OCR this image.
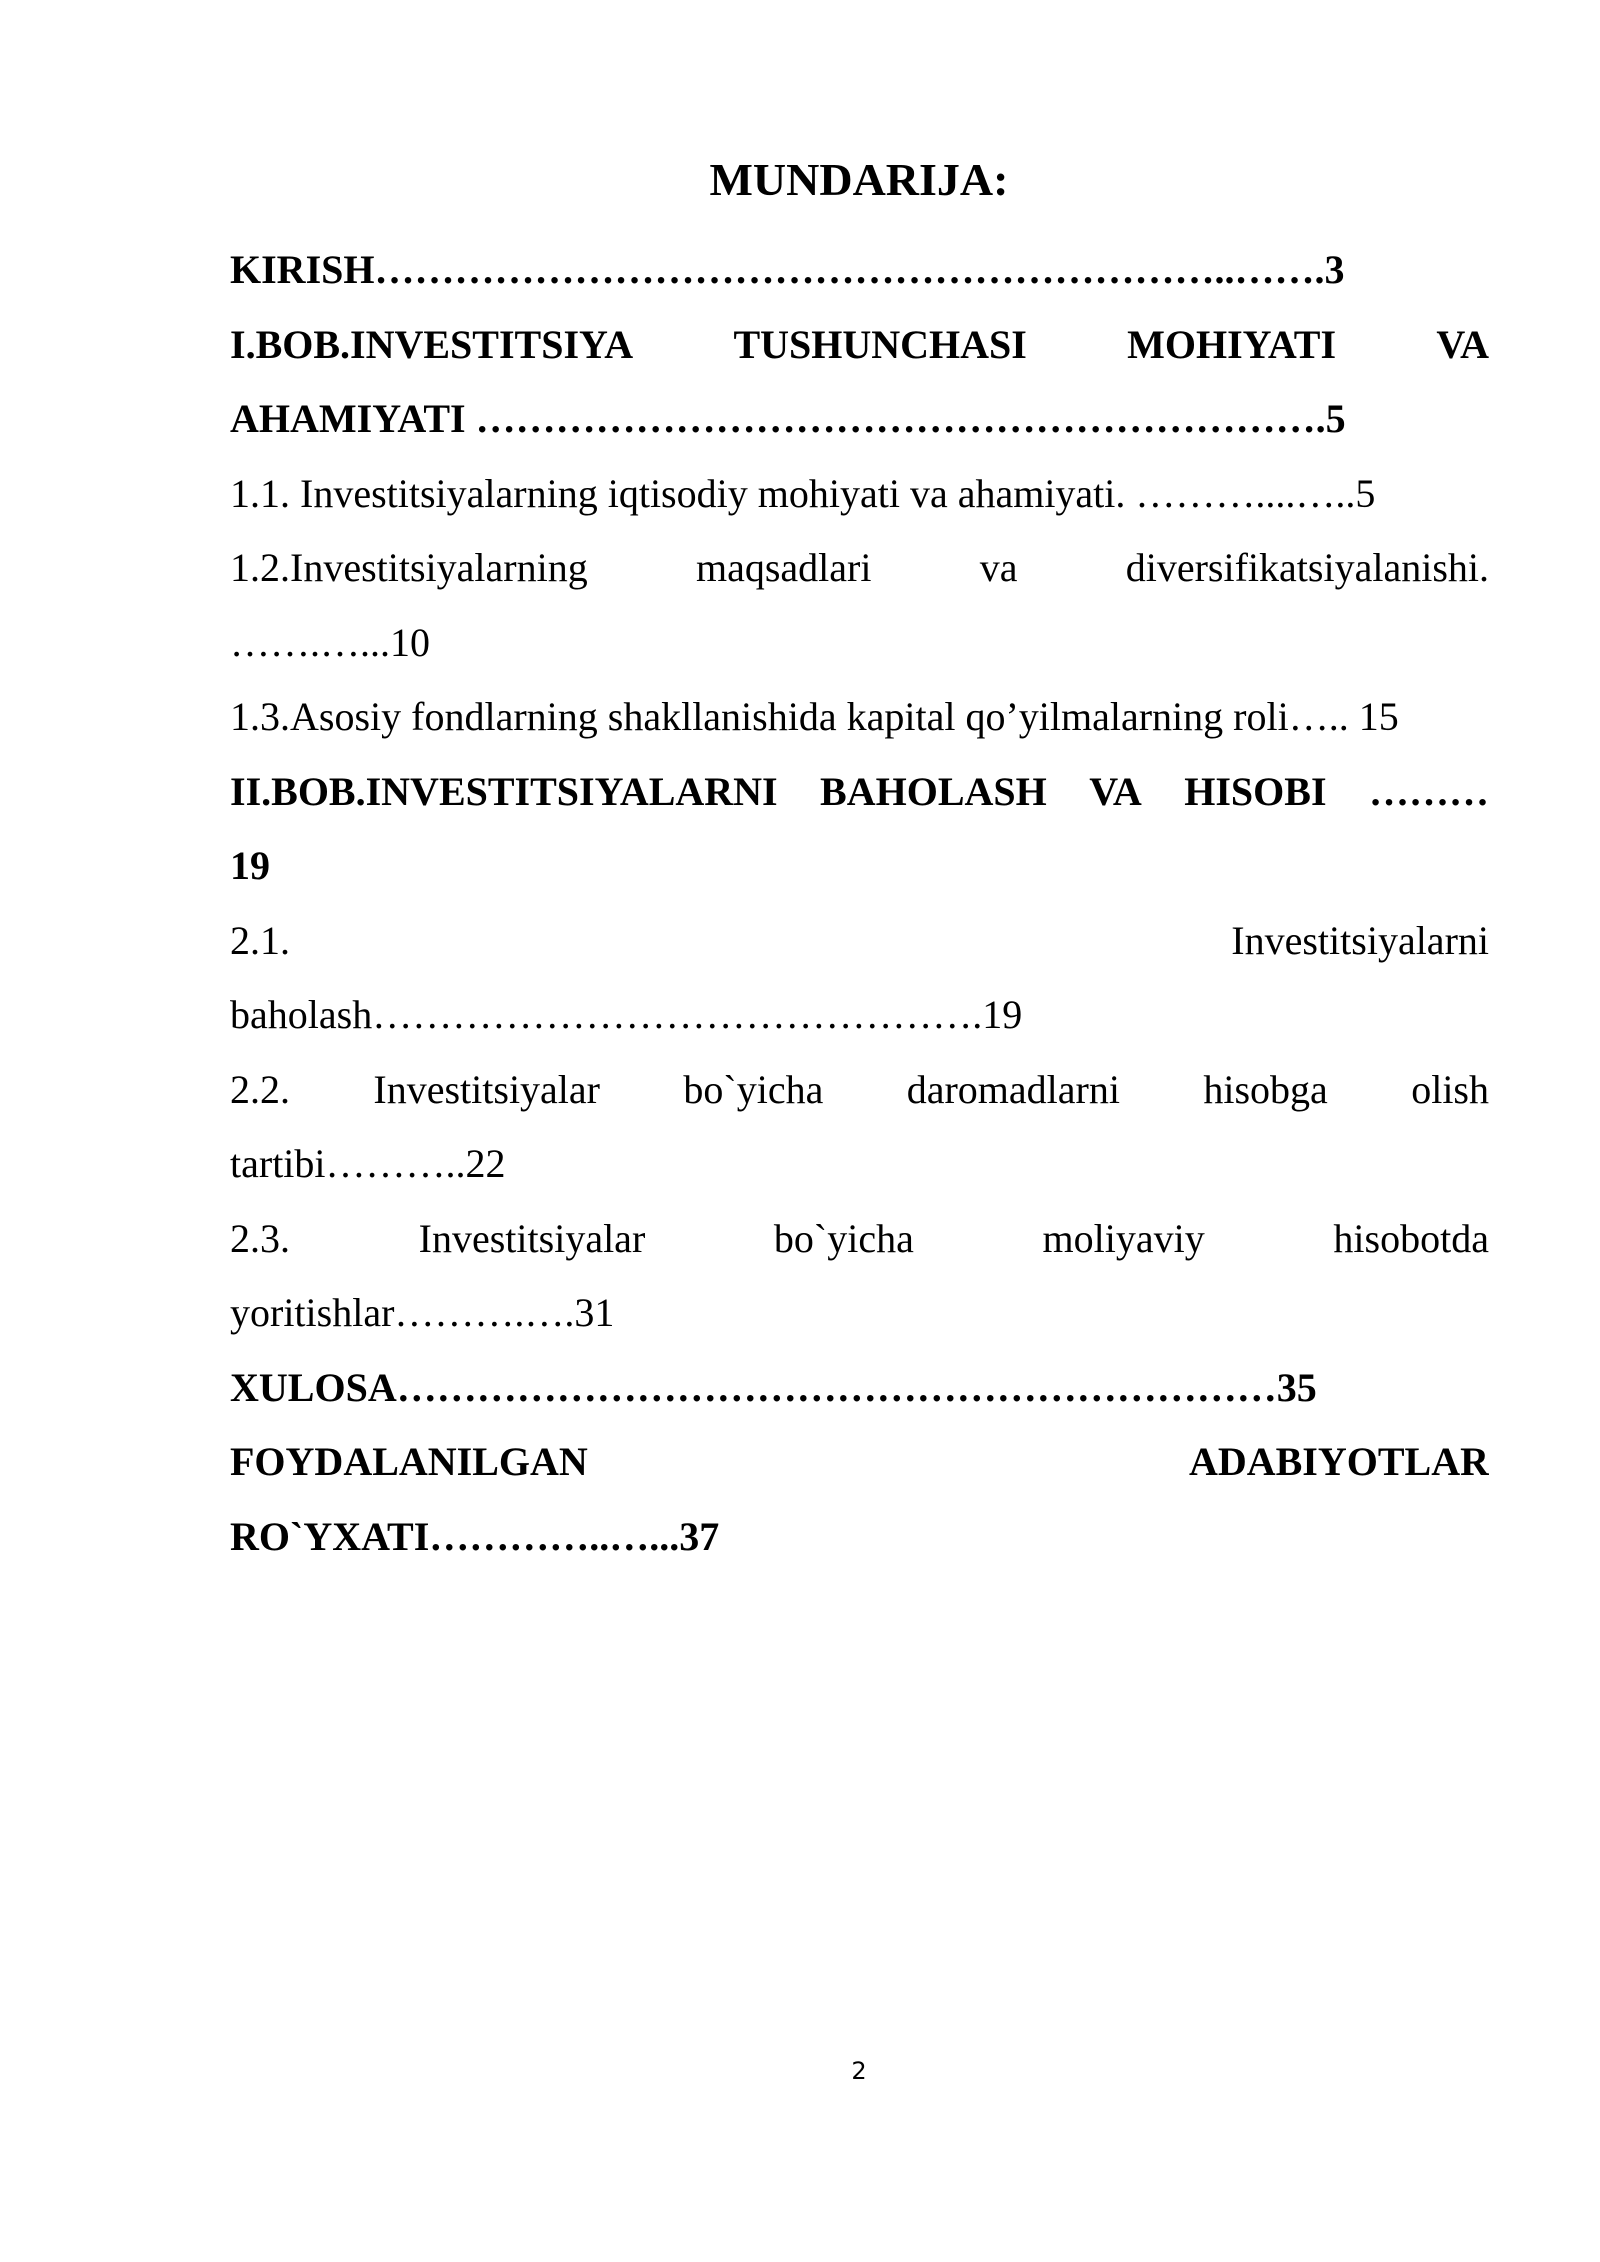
MUNDARIJA:
KIRISH………………………………………………………..…….3
I.BOB.INVESTITSIYA	TUSHUNCHASI	MOHIYATI	VA
AHAMIYATI ……………………………………………………….5
1.1. Investitsiyalarning iqtisodiy mohiyati va ahamiyati. ………....…..5
1.2.Investitsiyalarning	maqsadlari	va	diversifikatsiyalanishi.
…….…...10
1.3.Asosiy fondlarning shakllanishida kapital qo’yilmalarning roli….. 15
II.BOB.INVESTITSIYALARNI BAHOLASH VA HISOBI ………
19
2.1.	Investitsiyalarni
baholash……………………………………….19
2.2. Investitsiyalar bo`yicha daromadlarni hisobga olish
tartibi………..22
2.3.	Investitsiyalar	bo`yicha	moliyaviy	hisobotda
yoritishlar……….….31
XULOSA…………………………………………………………35
FOYDALANILGAN	ADABIYOTLAR
RO`YXATI…………..…...37
2
